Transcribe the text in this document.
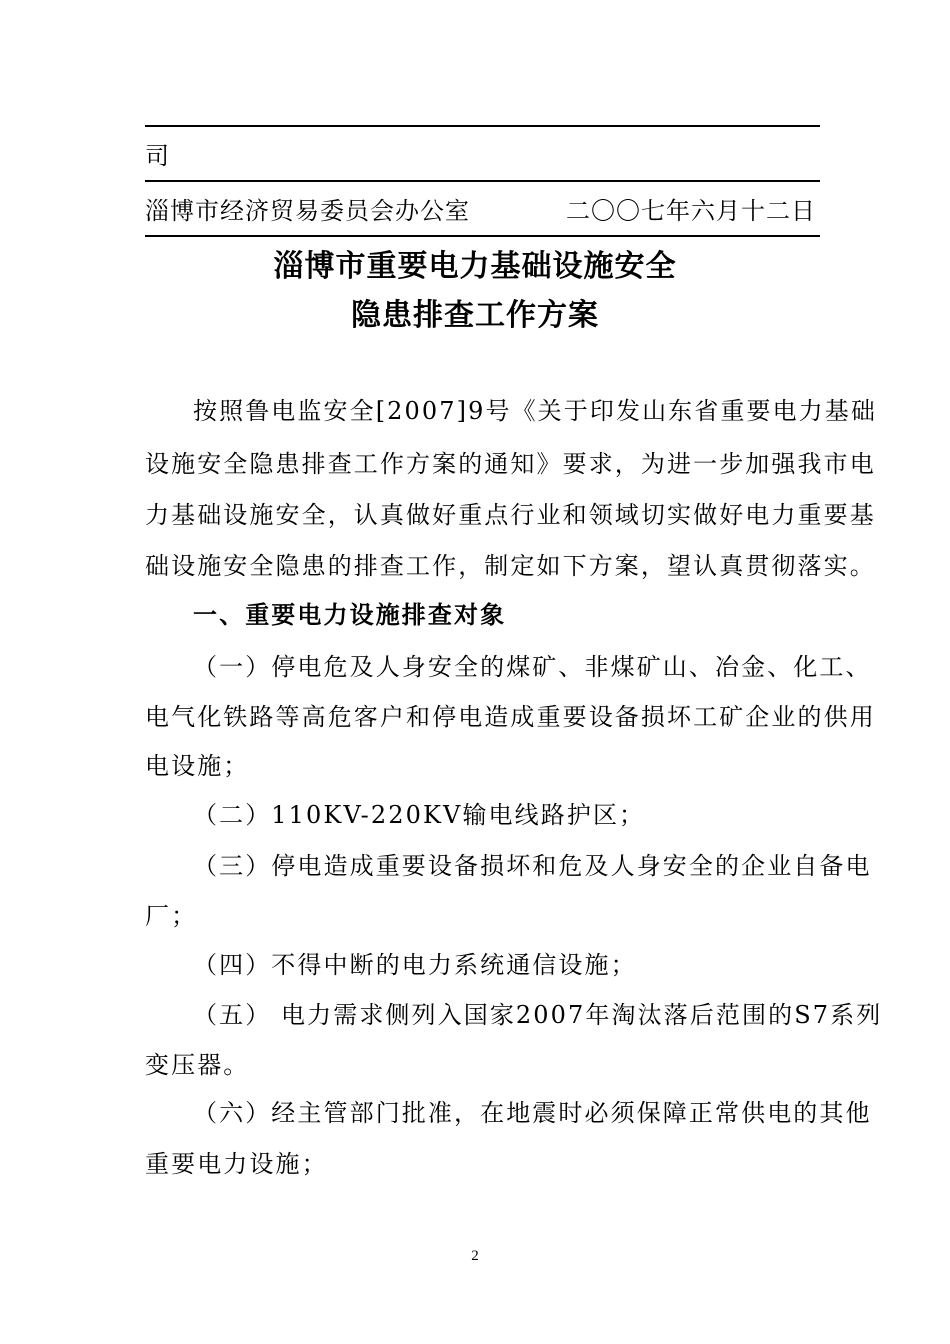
司
淄博市经济贸易委员会办公室	二〇〇七年六月十二日
淄博市重要电力基础设施安全
隐患排查工作方案
按照鲁电监安全[2007]9号《关于印发山东省重要电力基础
设施安全隐患排查工作方案的通知》要求，为进一步加强我市电
力基础设施安全，认真做好重点行业和领域切实做好电力重要基
础设施安全隐患的排查工作，制定如下方案，望认真贯彻落实。
一、重要电力设施排查对象
（一）停电危及人身安全的煤矿、非煤矿山、冶金、化工、
电气化铁路等高危客户和停电造成重要设备损坏工矿企业的供用
电设施；
（二）110KV-220KV输电线路护区；
（三）停电造成重要设备损坏和危及人身安全的企业自备电
厂；
（四）不得中断的电力系统通信设施；
（五） 电力需求侧列入国家2007年淘汰落后范围的S7系列
变压器。
（六）经主管部门批准，在地震时必须保障正常供电的其他
重要电力设施；
2
